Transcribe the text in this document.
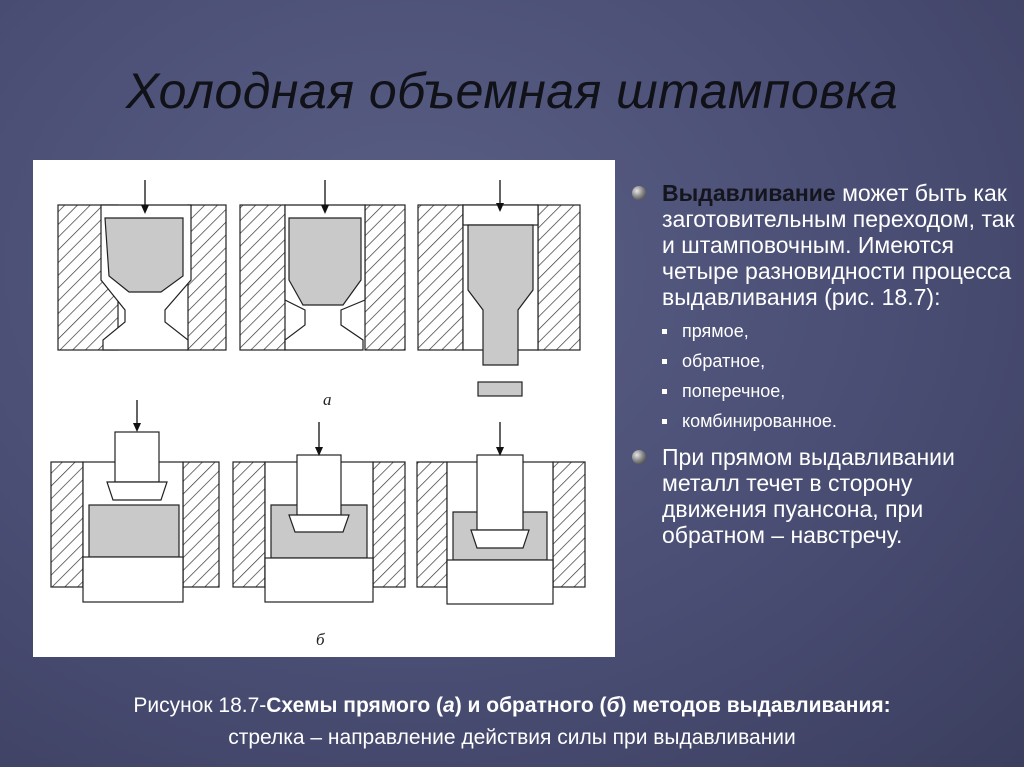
Холодная объемная штамповка
а
б
Выдавливание может быть как заготовительным переходом, так и штамповочным. Имеются четыре разновидности процесса выдавливания (рис. 18.7):
прямое,
обратное,
поперечное,
комбинированное.
При прямом выдавливании металл течет в сторону движения пуансона, при обратном – навстречу.
Рисунок 18.7-Схемы прямого (а) и обратного (б) методов выдавливания:
стрелка – направление действия силы при выдавливании
